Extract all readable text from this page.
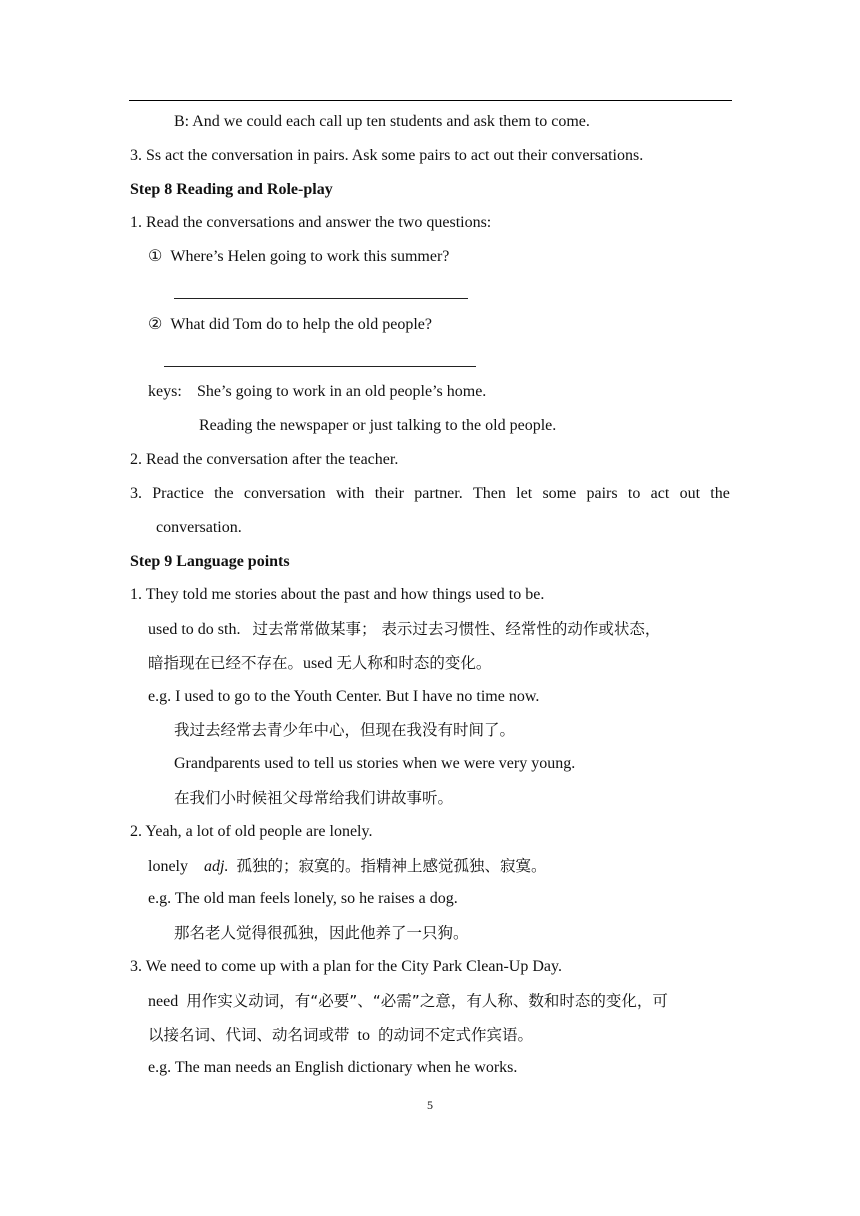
B: And we could each call up ten students and ask them to come.
3. Ss act the conversation in pairs. Ask some pairs to act out their conversations.
Step 8 Reading and Role-play
1. Read the conversations and answer the two questions:
① Where’s Helen going to work this summer?
② What did Tom do to help the old people?
keys: She’s going to work in an old people’s home.
Reading the newspaper or just talking to the old people.
2. Read the conversation after the teacher.
3. Practice the conversation with their partner. Then let some pairs to act out the
conversation.
Step 9 Language points
1. They told me stories about the past and how things used to be.
used to do sth. 过去常常做某事； 表示过去习惯性、经常性的动作或状态，
暗指现在已经不存在。used 无人称和时态的变化。
e.g. I used to go to the Youth Center. But I have no time now.
我过去经常去青少年中心，但现在我没有时间了。
Grandparents used to tell us stories when we were very young.
在我们小时候祖父母常给我们讲故事听。
2. Yeah, a lot of old people are lonely.
lonely adj. 孤独的；寂寞的。指精神上感觉孤独、寂寞。
e.g. The old man feels lonely, so he raises a dog.
那名老人觉得很孤独，因此他养了一只狗。
3. We need to come up with a plan for the City Park Clean-Up Day.
need 用作实义动词，有“必要”、“必需”之意，有人称、数和时态的变化，可
以接名词、代词、动名词或带 to 的动词不定式作宾语。
e.g. The man needs an English dictionary when he works.
5
